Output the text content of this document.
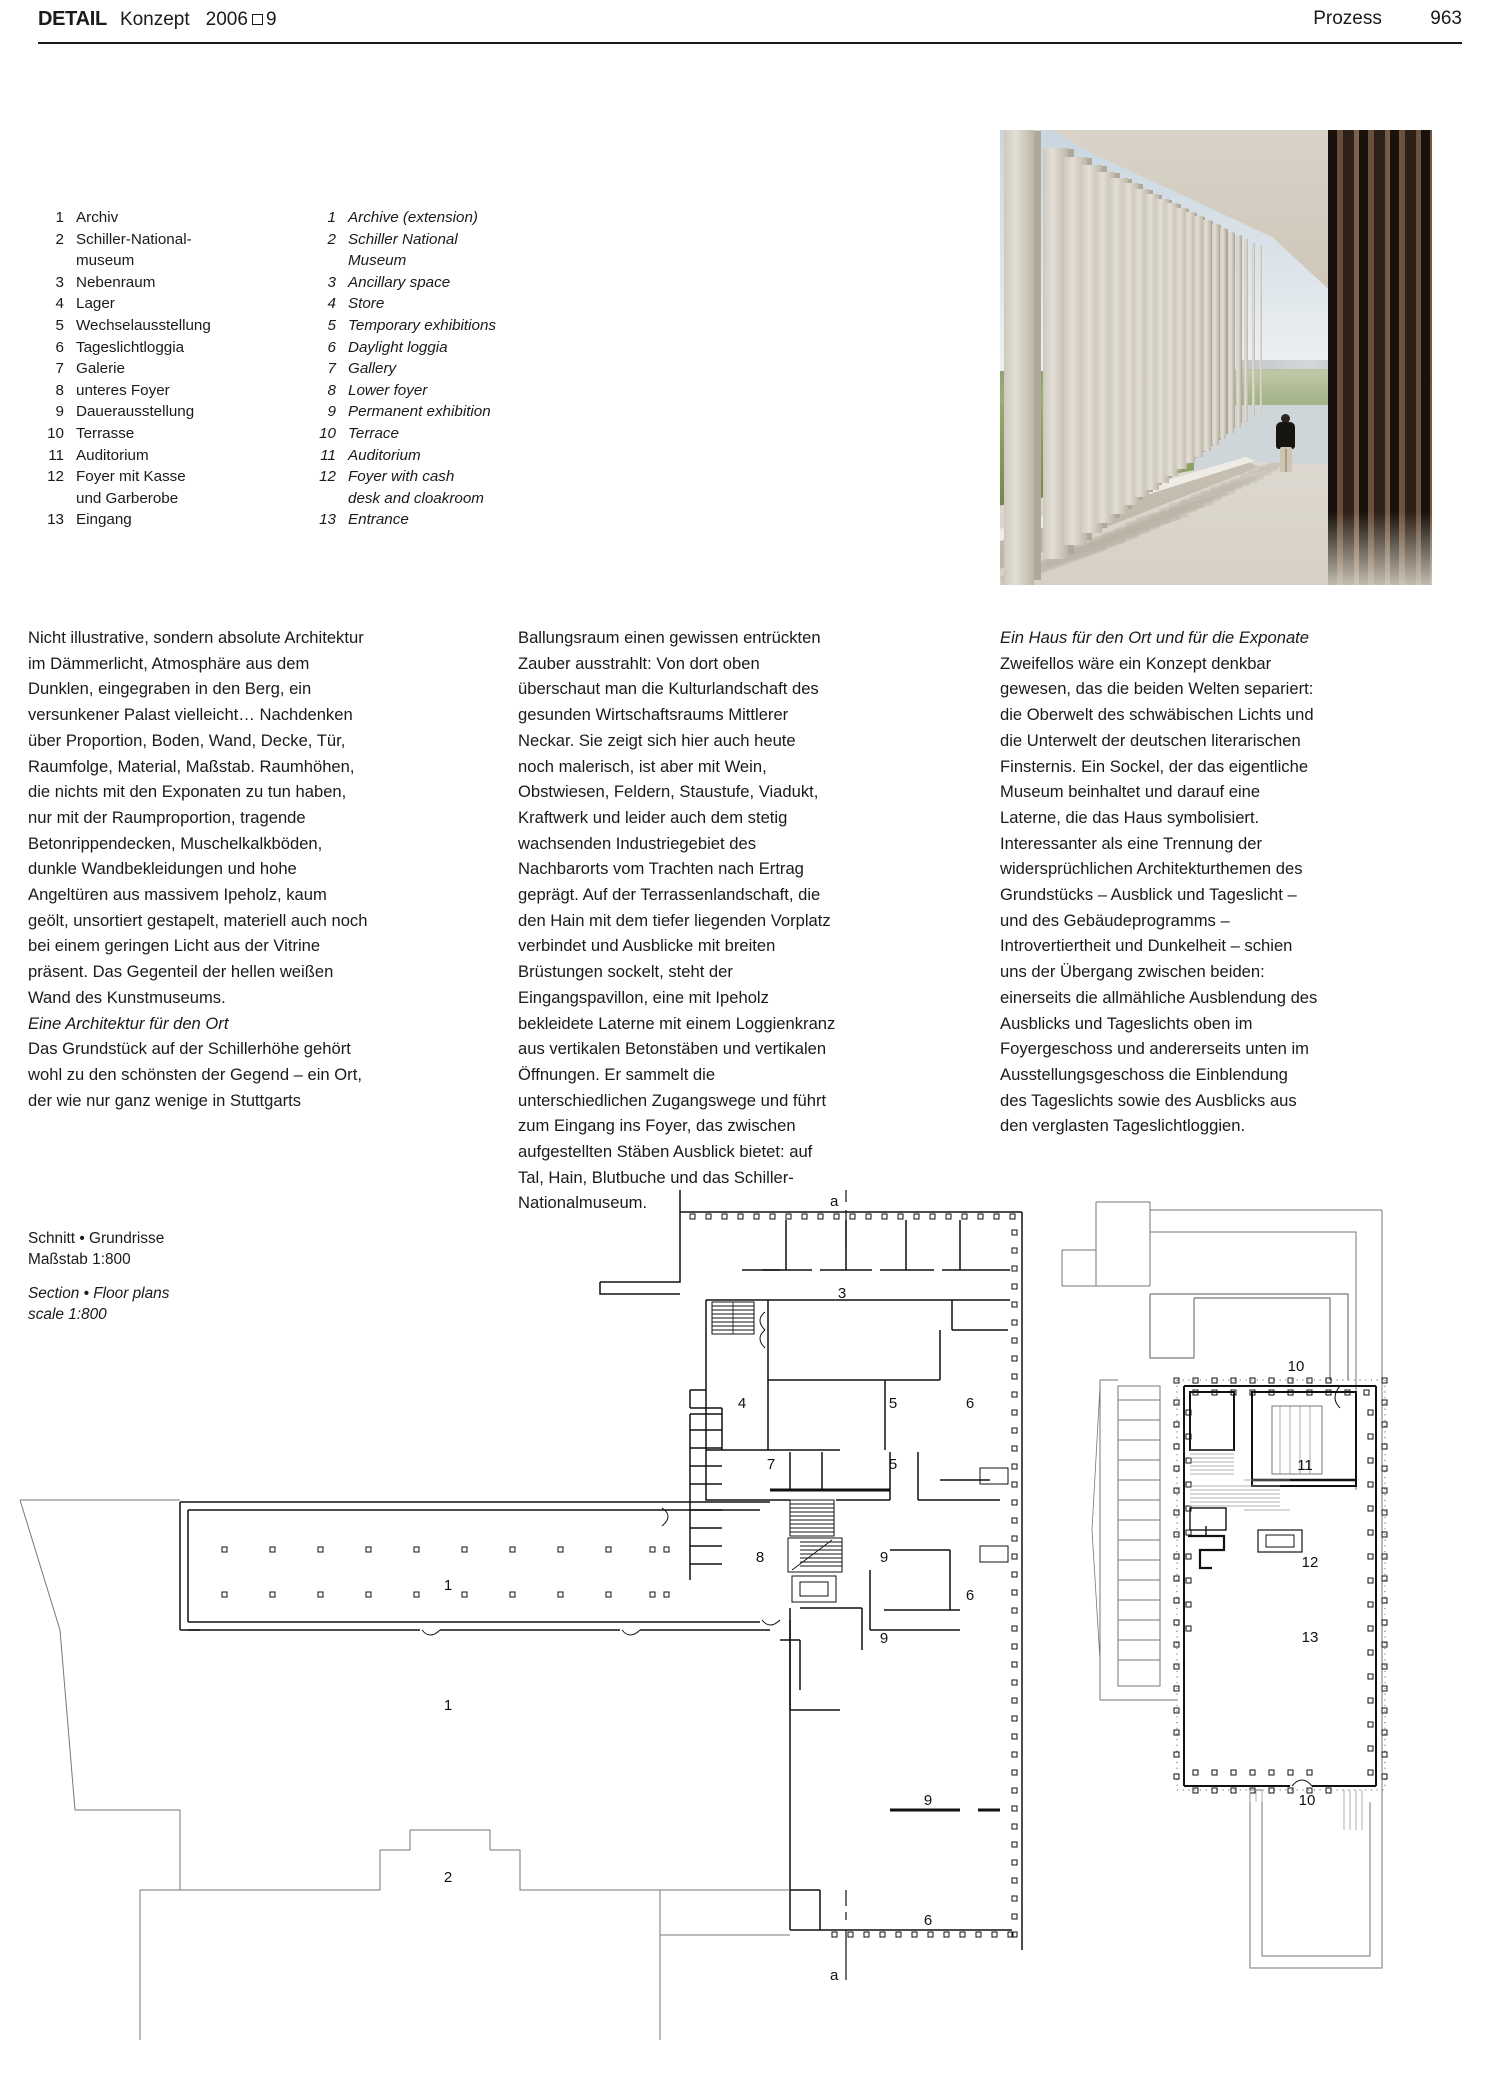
DETAIL Konzept 2006 9	Prozess	963
1 Archiv
2 Schiller-National-
museum
3 Nebenraum
4 Lager
5 Wechselausstellung
6 Tageslichtloggia
7 Galerie
8 unteres Foyer
9 Dauerausstellung
10 Terrasse
11 Auditorium
12 Foyer mit Kasse
und Garberobe
13 Eingang
1 Archive (extension)
2 Schiller National
Museum
3 Ancillary space
4 Store
5 Temporary exhibitions
6 Daylight loggia
7 Gallery
8 Lower foyer
9 Permanent exhibition
10 Terrace
11 Auditorium
12 Foyer with cash
desk and cloakroom
13 Entrance

Nicht illustrative, sondern absolute Architektur im Dämmerlicht, Atmosphäre aus dem Dunklen, eingegraben in den Berg, ein versunkener Palast vielleicht… Nachdenken über Proportion, Boden, Wand, Decke, Tür, Raumfolge, Material, Maßstab. Raumhöhen, die nichts mit den Exponaten zu tun haben, nur mit der Raumproportion, tragende Betonrippendecken, Muschelkalkböden, dunkle Wandbekleidungen und hohe Angeltüren aus massivem Ipeholz, kaum geölt, unsortiert gestapelt, materiell auch noch bei einem geringen Licht aus der Vitrine präsent. Das Gegenteil der hellen weißen Wand des Kunstmuseums.

Eine Architektur für den Ort

Das Grundstück auf der Schillerhöhe gehört wohl zu den schönsten der Gegend – ein Ort, der wie nur ganz wenige in Stuttgarts

Ballungsraum einen gewissen entrückten Zauber ausstrahlt: Von dort oben überschaut man die Kulturlandschaft des gesunden Wirtschaftsraums Mittlerer Neckar. Sie zeigt sich hier auch heute noch malerisch, ist aber mit Wein, Obstwiesen, Feldern, Staustufe, Viadukt, Kraftwerk und leider auch dem stetig wachsenden Industriegebiet des Nachbarorts vom Trachten nach Ertrag geprägt. Auf der Terrassenlandschaft, die den Hain mit dem tiefer liegenden Vorplatz verbindet und Ausblicke mit breiten Brüstungen sockelt, steht der Eingangspavillon, eine mit Ipeholz bekleidete Laterne mit einem Loggienkranz aus vertikalen Betonstäben und vertikalen Öffnungen. Er sammelt die unterschiedlichen Zugangswege und führt zum Eingang ins Foyer, das zwischen aufgestellten Stäben Ausblick bietet: auf Tal, Hain, Blutbuche und das Schiller-Nationalmuseum.

Ein Haus für den Ort und für die Exponate

Zweifellos wäre ein Konzept denkbar gewesen, das die beiden Welten separiert: die Oberwelt des schwäbischen Lichts und die Unterwelt der deutschen literarischen Finsternis. Ein Sockel, der das eigentliche Museum beinhaltet und darauf eine Laterne, die das Haus symbolisiert.

Interessanter als eine Trennung der widersprüchlichen Architekturthemen des Grundstücks – Ausblick und Tageslicht – und des Gebäudeprogramms – Introvertiertheit und Dunkelheit – schien uns der Übergang zwischen beiden: einerseits die allmähliche Ausblendung des Ausblicks und Tageslichts oben im Foyergeschoss und andererseits unten im Ausstellungsgeschoss die Einblendung des Tageslichts sowie des Ausblicks aus den verglasten Tageslichtloggien.

Schnitt • Grundrisse
Maßstab 1:800
Section • Floor plans
scale 1:800
a
a
3
4	5	6
7	5
8	9
6
9
1
1
9
2
6
10
11
12
13
10
